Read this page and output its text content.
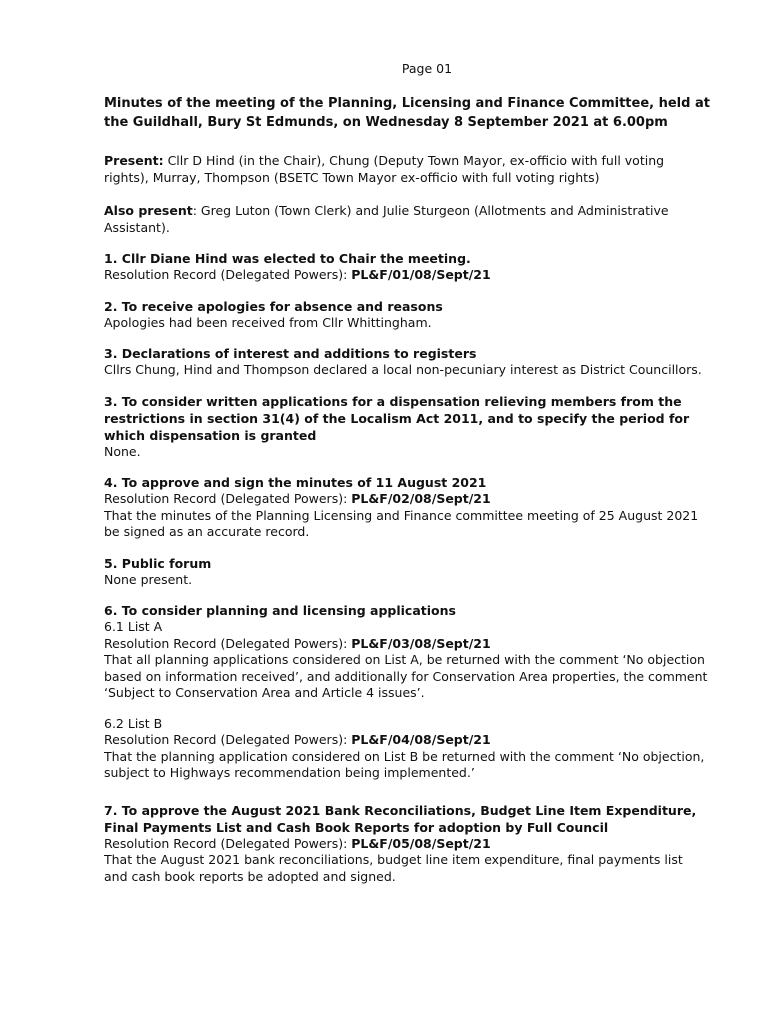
Page 01
Minutes of the meeting of the Planning, Licensing and Finance Committee, held at the Guildhall, Bury St Edmunds, on Wednesday 8 September 2021 at 6.00pm

Present: Cllr D Hind (in the Chair), Chung (Deputy Town Mayor, ex-officio with full voting rights), Murray, Thompson (BSETC Town Mayor ex-officio with full voting rights)

Also present: Greg Luton (Town Clerk) and Julie Sturgeon (Allotments and Administrative Assistant).

1. Cllr Diane Hind was elected to Chair the meeting.

Resolution Record (Delegated Powers): PL&F/01/08/Sept/21

2. To receive apologies for absence and reasons

Apologies had been received from Cllr Whittingham.

3. Declarations of interest and additions to registers

Cllrs Chung, Hind and Thompson declared a local non-pecuniary interest as District Councillors.

3. To consider written applications for a dispensation relieving members from the restrictions in section 31(4) of the Localism Act 2011, and to specify the period for which dispensation is granted

None.

4. To approve and sign the minutes of 11 August 2021

Resolution Record (Delegated Powers): PL&F/02/08/Sept/21

That the minutes of the Planning Licensing and Finance committee meeting of 25 August 2021 be signed as an accurate record.

5. Public forum

None present.

6. To consider planning and licensing applications

6.1 List A

Resolution Record (Delegated Powers): PL&F/03/08/Sept/21

That all planning applications considered on List A, be returned with the comment ‘No objection based on information received’, and additionally for Conservation Area properties, the comment ‘Subject to Conservation Area and Article 4 issues’.

6.2 List B

Resolution Record (Delegated Powers): PL&F/04/08/Sept/21

That the planning application considered on List B be returned with the comment ‘No objection, subject to Highways recommendation being implemented.’

7. To approve the August 2021 Bank Reconciliations, Budget Line Item Expenditure, Final Payments List and Cash Book Reports for adoption by Full Council

Resolution Record (Delegated Powers): PL&F/05/08/Sept/21

That the August 2021 bank reconciliations, budget line item expenditure, final payments list and cash book reports be adopted and signed.
